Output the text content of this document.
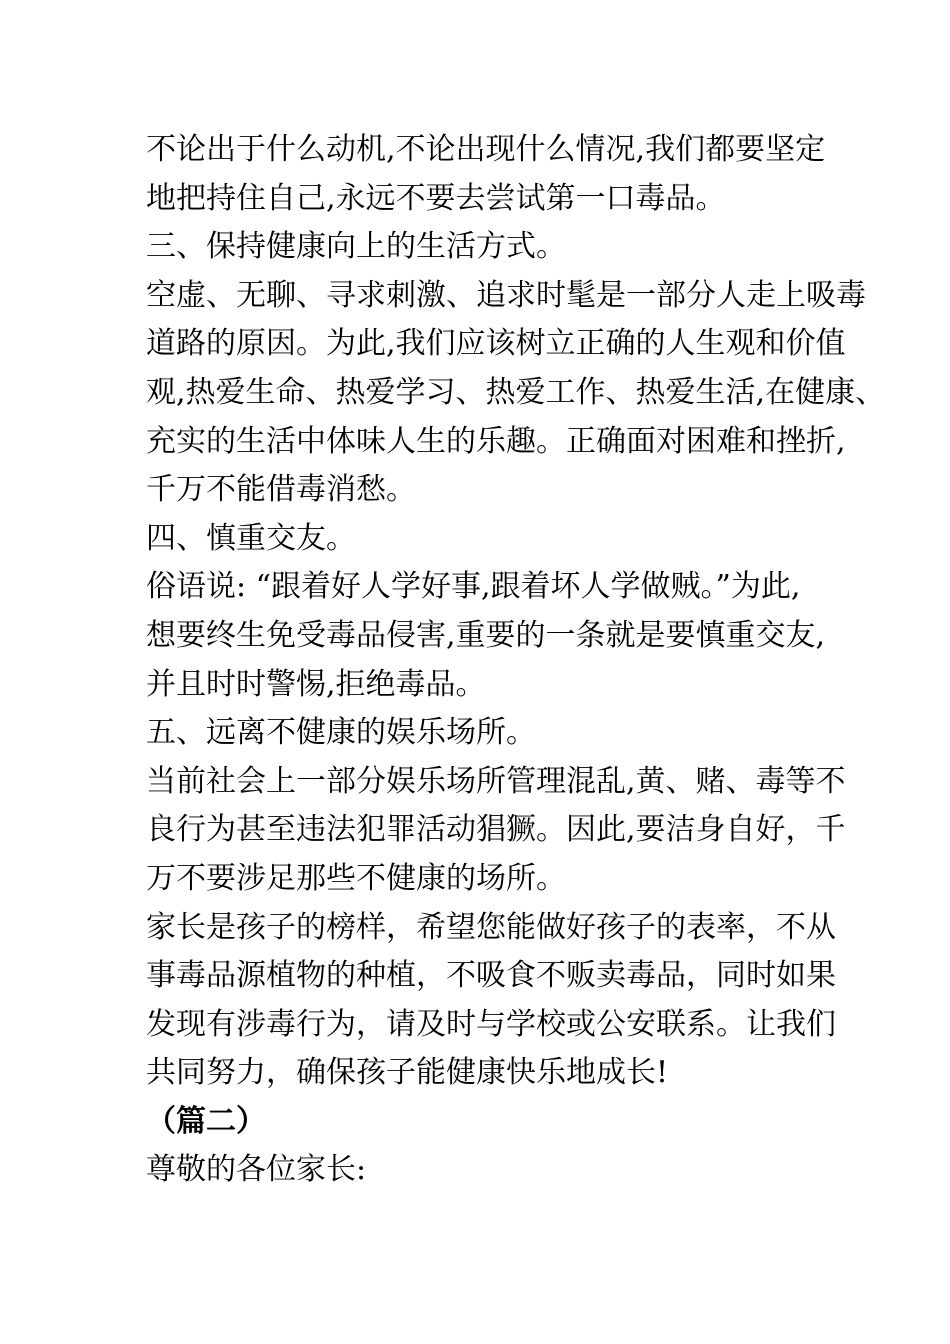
不论出于什么动机,不论出现什么情况,我们都要坚定
地把持住自己,永远不要去尝试第一口毒品。
三、保持健康向上的生活方式。
空虚、无聊、寻求刺激、追求时髦是一部分人走上吸毒
道路的原因。为此,我们应该树立正确的人生观和价值
观,热爱生命、热爱学习、热爱工作、热爱生活,在健康、
充实的生活中体味人生的乐趣。正确面对困难和挫折,
千万不能借毒消愁。
四、慎重交友。
俗语说: “跟着好人学好事,跟着坏人学做贼。”为此,
想要终生免受毒品侵害,重要的一条就是要慎重交友,
并且时时警惕,拒绝毒品。
五、远离不健康的娱乐场所。
当前社会上一部分娱乐场所管理混乱,黄、赌、毒等不
良行为甚至违法犯罪活动猖獗。因此,要洁身自好，千
万不要涉足那些不健康的场所。
家长是孩子的榜样，希望您能做好孩子的表率，不从
事毒品源植物的种植，不吸食不贩卖毒品，同时如果
发现有涉毒行为，请及时与学校或公安联系。让我们
共同努力，确保孩子能健康快乐地成长!
（篇二）
尊敬的各位家长:
